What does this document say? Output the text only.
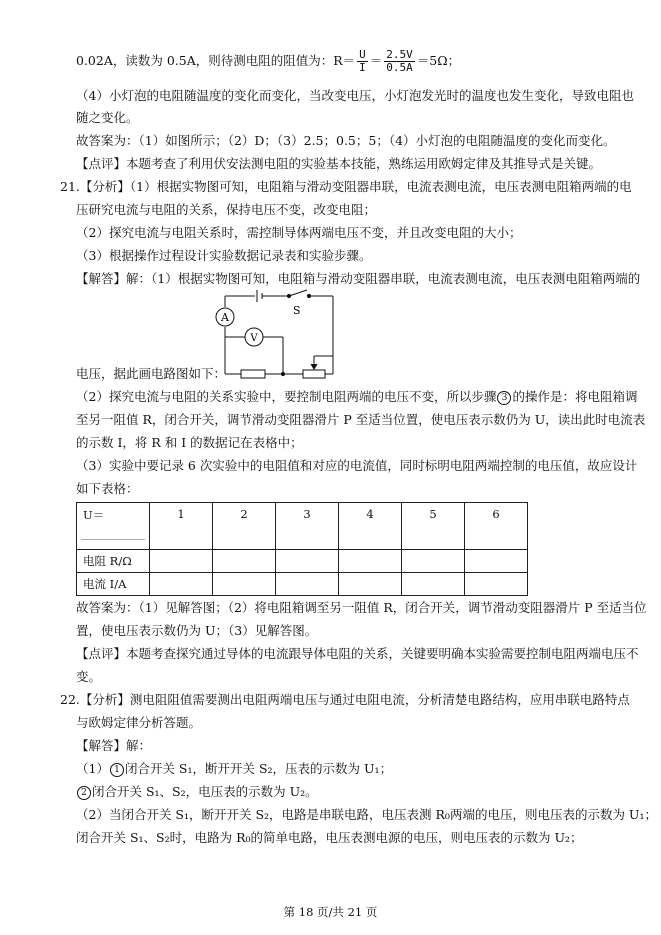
0.02A，读数为 0.5A，则待测电阻的阻值为：$R= \frac{U}{I} = \frac{2.5V}{0.5A} =5\Omega$；
（4）小灯泡的电阻随温度的变化而变化，当改变电压，小灯泡发光时的温度也发生变化，导致电阻也
随之变化。
故答案为：（1）如图所示；（2）D；（3）2.5；0.5；5；（4）小灯泡的电阻随温度的变化而变化。
【点评】本题考查了利用伏安法测电阻的实验基本技能，熟练运用欧姆定律及其推导式是关键。
21.【分析】（1）根据实物图可知，电阻箱与滑动变阻器串联，电流表测电流，电压表测电阻箱两端的电
压研究电流与电阻的关系，保持电压不变，改变电阻；
（2）探究电流与电阻关系时，需控制导体两端电压不变，并且改变电阻的大小；
（3）根据操作过程设计实验数据记录表和实验步骤。
【解答】解：（1）根据实物图可知，电阻箱与滑动变阻器串联，电流表测电流，电压表测电阻箱两端的
A
V
S
电压，据此画电路图如下：
（2）探究电流与电阻的关系实验中，要控制电阻两端的电压不变，所以步骤 3 的操作是：将电阻箱调
至另一阻值 R，闭合开关，调节滑动变阻器滑片 P 至适当位置，使电压表示数仍为 U，读出此时电流表
的示数 I，将 R 和 I 的数据记在表格中；
（3）实验中要记录 6 次实验中的电阻值和对应的电流值，同时标明电阻两端控制的电压值，故应设计
如下表格：
U＝	1	2	3	4	5	6
电阻 R/Ω						
电流 I/A						
故答案为：（1）见解答图；（2）将电阻箱调至另一阻值 R，闭合开关，调节滑动变阻器滑片 P 至适当位
置，使电压表示数仍为 U；（3）见解答图。
【点评】本题考查探究通过导体的电流跟导体电阻的关系，关键要明确本实验需要控制电阻两端电压不
变。
22.【分析】测电阻阻值需要测出电阻两端电压与通过电阻电流，分析清楚电路结构，应用串联电路特点
与欧姆定律分析答题。
【解答】解：
（1） 1 闭合开关 S₁，断开开关 S₂，压表的示数为 U₁；
2 闭合开关 S₁、S₂，电压表的示数为 U₂。
（2）当闭合开关 S₁，断开开关 S₂，电路是串联电路，电压表测 R₀两端的电压，则电压表的示数为 U₁；
闭合开关 S₁、S₂时，电路为 R₀的简单电路，电压表测电源的电压，则电压表的示数为 U₂；
第 18 页/共 21 页
